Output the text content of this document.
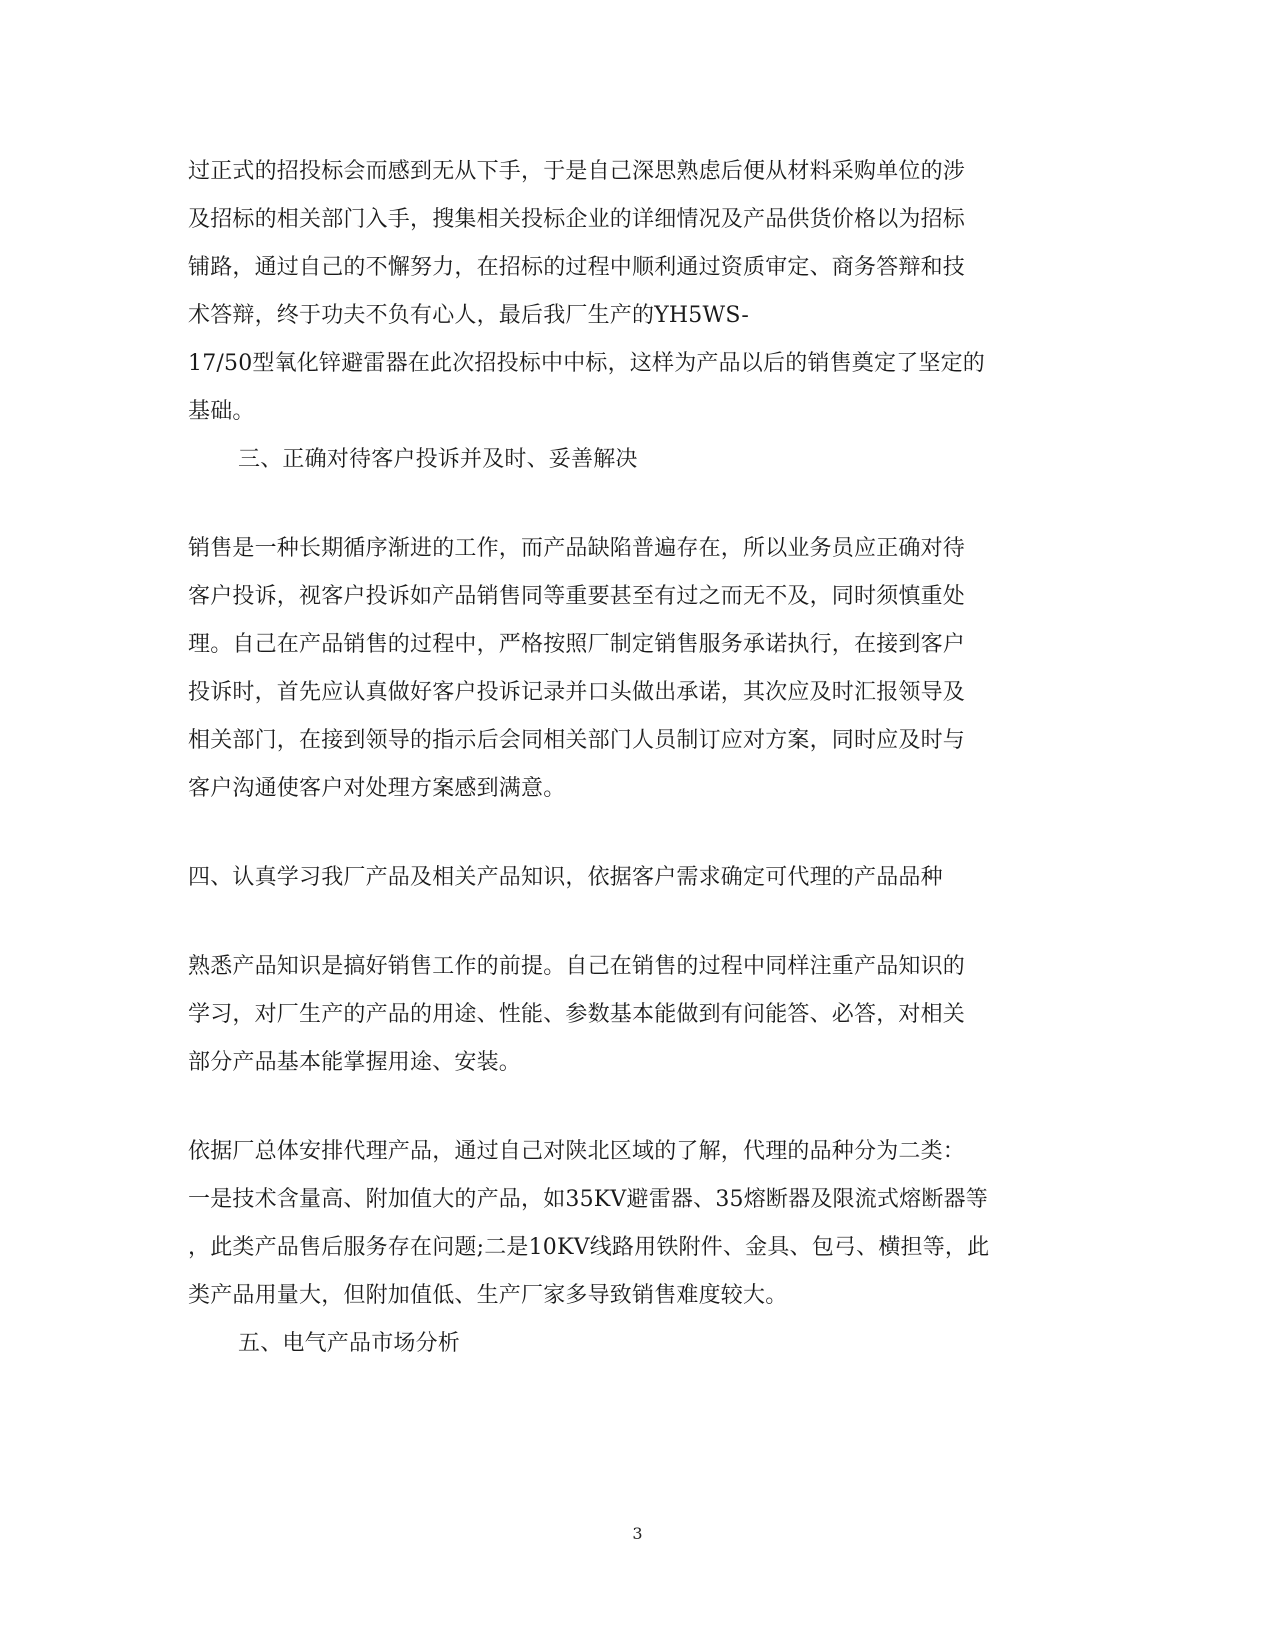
过正式的招投标会而感到无从下手，于是自己深思熟虑后便从材料采购单位的涉
及招标的相关部门入手，搜集相关投标企业的详细情况及产品供货价格以为招标
铺路，通过自己的不懈努力，在招标的过程中顺利通过资质审定、商务答辩和技
术答辩，终于功夫不负有心人，最后我厂生产的YH5WS-
17/50型氧化锌避雷器在此次招投标中中标，这样为产品以后的销售奠定了坚定的
基础。
三、正确对待客户投诉并及时、妥善解决
销售是一种长期循序渐进的工作，而产品缺陷普遍存在，所以业务员应正确对待
客户投诉，视客户投诉如产品销售同等重要甚至有过之而无不及，同时须慎重处
理。自己在产品销售的过程中，严格按照厂制定销售服务承诺执行，在接到客户
投诉时，首先应认真做好客户投诉记录并口头做出承诺，其次应及时汇报领导及
相关部门，在接到领导的指示后会同相关部门人员制订应对方案，同时应及时与
客户沟通使客户对处理方案感到满意。
四、认真学习我厂产品及相关产品知识，依据客户需求确定可代理的产品品种
熟悉产品知识是搞好销售工作的前提。自己在销售的过程中同样注重产品知识的
学习，对厂生产的产品的用途、性能、参数基本能做到有问能答、必答，对相关
部分产品基本能掌握用途、安装。
依据厂总体安排代理产品，通过自己对陕北区域的了解，代理的品种分为二类：
一是技术含量高、附加值大的产品，如35KV避雷器、35熔断器及限流式熔断器等
，此类产品售后服务存在问题;二是10KV线路用铁附件、金具、包弓、横担等，此
类产品用量大，但附加值低、生产厂家多导致销售难度较大。
五、电气产品市场分析
3
